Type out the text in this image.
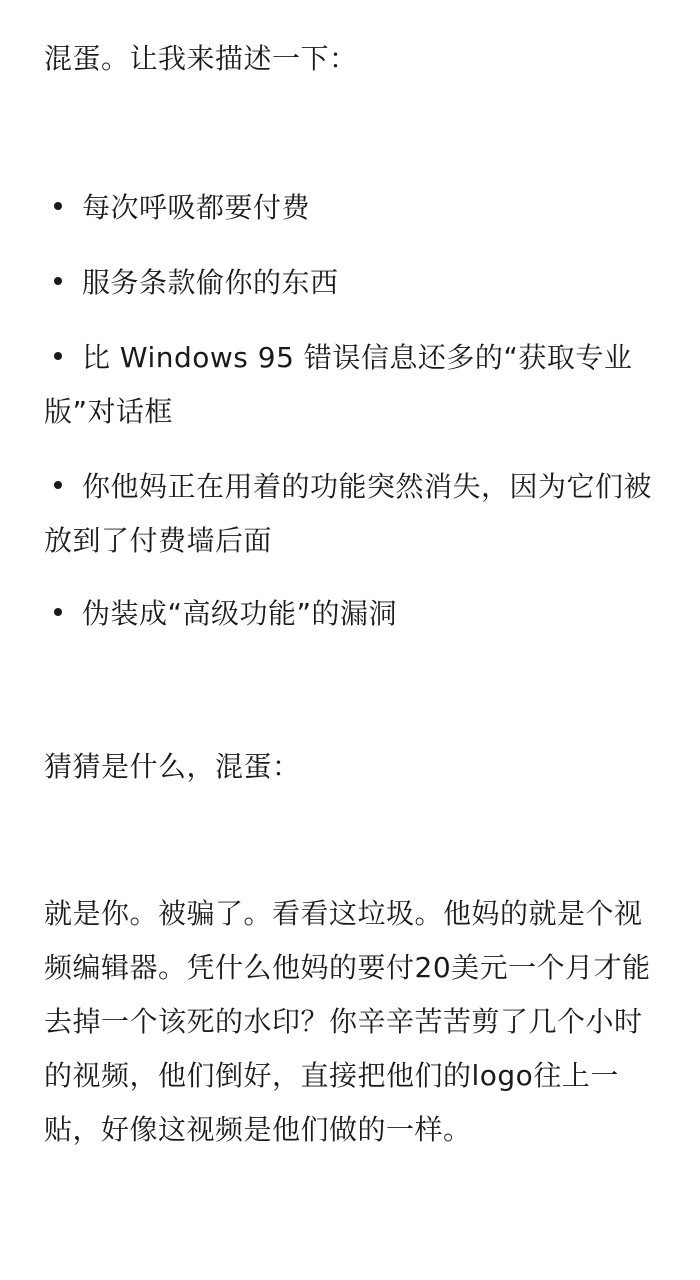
混蛋。让我来描述一下：

每次呼吸都要付费
服务条款偷你的东西
比 Windows 95 错误信息还多的“获取专业版”对话框
你他妈正在用着的功能突然消失，因为它们被放到了付费墙后面
伪装成“高级功能”的漏洞

猜猜是什么，混蛋：

就是你。被骗了。看看这垃圾。他妈的就是个视频编辑器。凭什么他妈的要付20美元一个月才能去掉一个该死的水印？你辛辛苦苦剪了几个小时的视频，他们倒好，直接把他们的logo往上一贴，好像这视频是他们做的一样。
